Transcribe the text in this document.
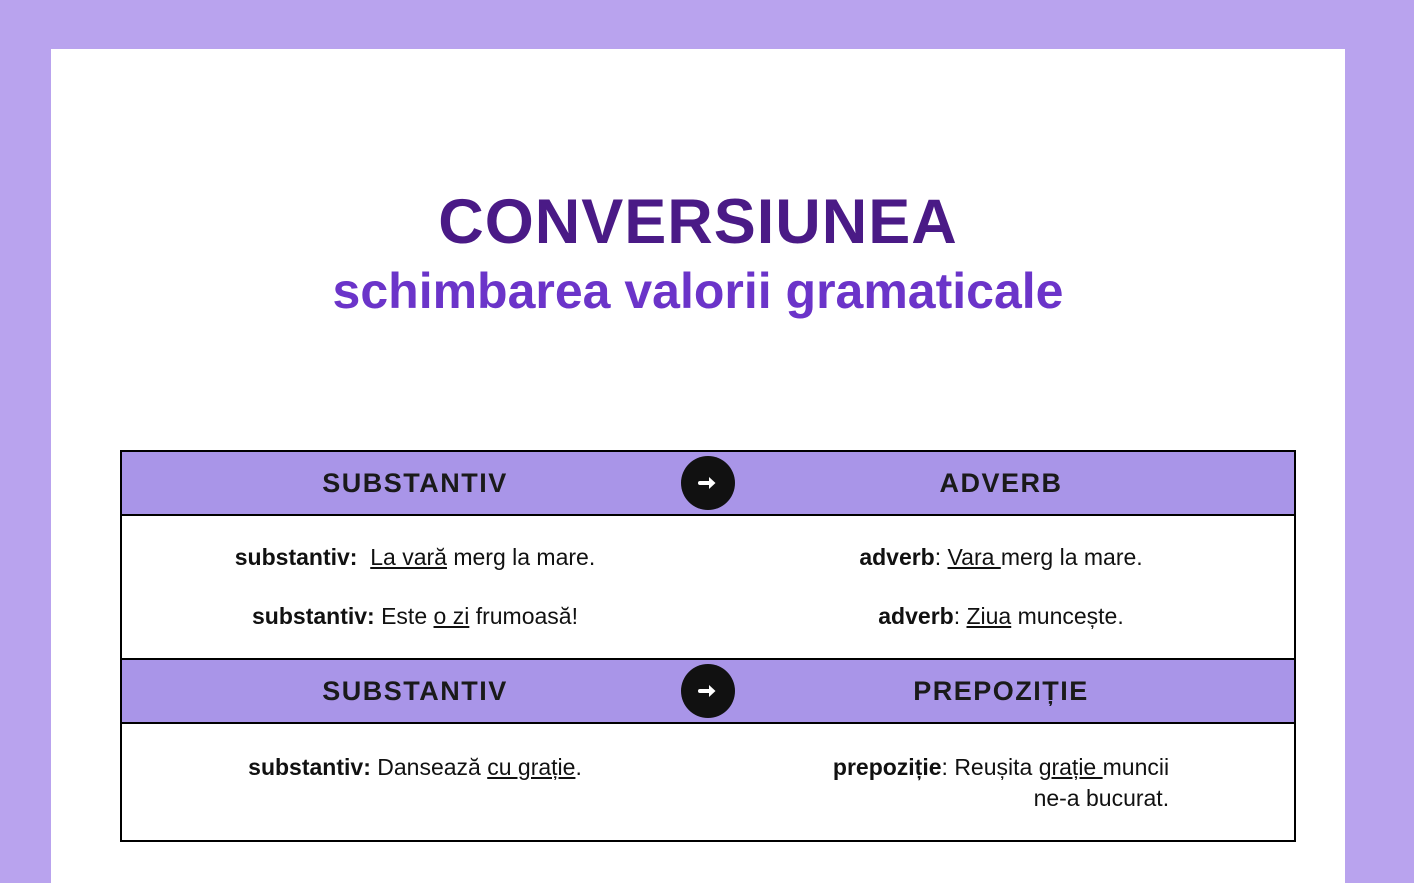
CONVERSIUNEA
schimbarea valorii gramaticale
SUBSTANTIV	ADVERB
substantiv: La vară merg la mare.	adverb: Vara merg la mare.
substantiv: Este o zi frumoasă!	adverb: Ziua muncește.
SUBSTANTIV	PREPOZIȚIE
substantiv: Dansează cu grație.	prepoziție: Reușita grație muncii
ne-a bucurat.
